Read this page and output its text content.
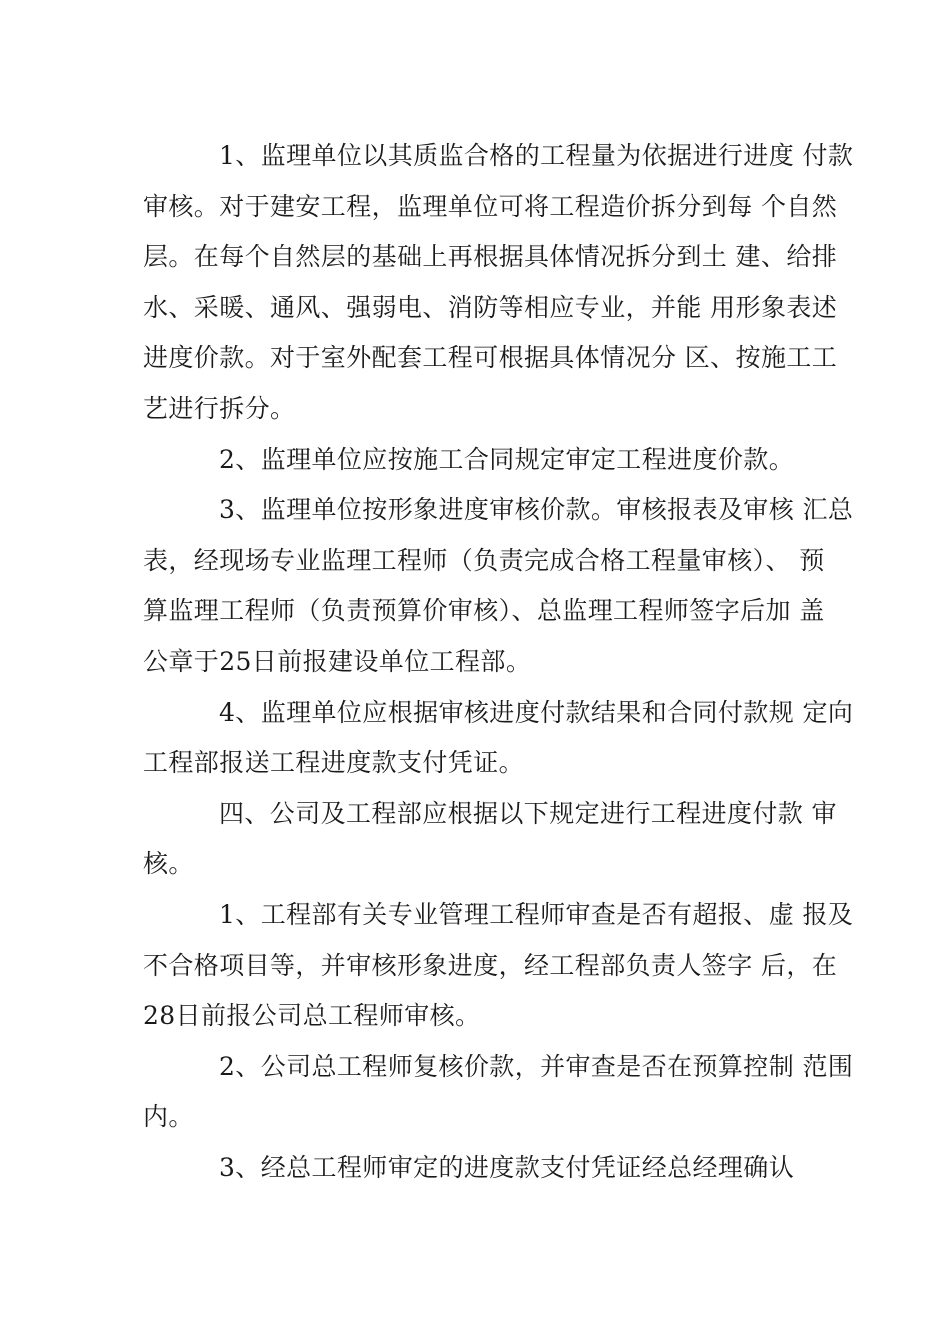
1、监理单位以其质监合格的工程量为依据进行进度 付款
审核。对于建安工程，监理单位可将工程造价拆分到每 个自然
层。在每个自然层的基础上再根据具体情况拆分到土 建、给排
水、采暖、通风、强弱电、消防等相应专业，并能 用形象表述
进度价款。对于室外配套工程可根据具体情况分 区、按施工工
艺进行拆分。
2、监理单位应按施工合同规定审定工程进度价款。
3、监理单位按形象进度审核价款。审核报表及审核 汇总
表，经现场专业监理工程师（负责完成合格工程量审核）、 预
算监理工程师（负责预算价审核）、总监理工程师签字后加 盖
公章于25日前报建设单位工程部。
4、监理单位应根据审核进度付款结果和合同付款规 定向
工程部报送工程进度款支付凭证。
四、公司及工程部应根据以下规定进行工程进度付款 审
核。
1、工程部有关专业管理工程师审查是否有超报、虚 报及
不合格项目等，并审核形象进度，经工程部负责人签字 后，在
28日前报公司总工程师审核。
2、公司总工程师复核价款，并审查是否在预算控制 范围
内。
3、经总工程师审定的进度款支付凭证经总经理确认
